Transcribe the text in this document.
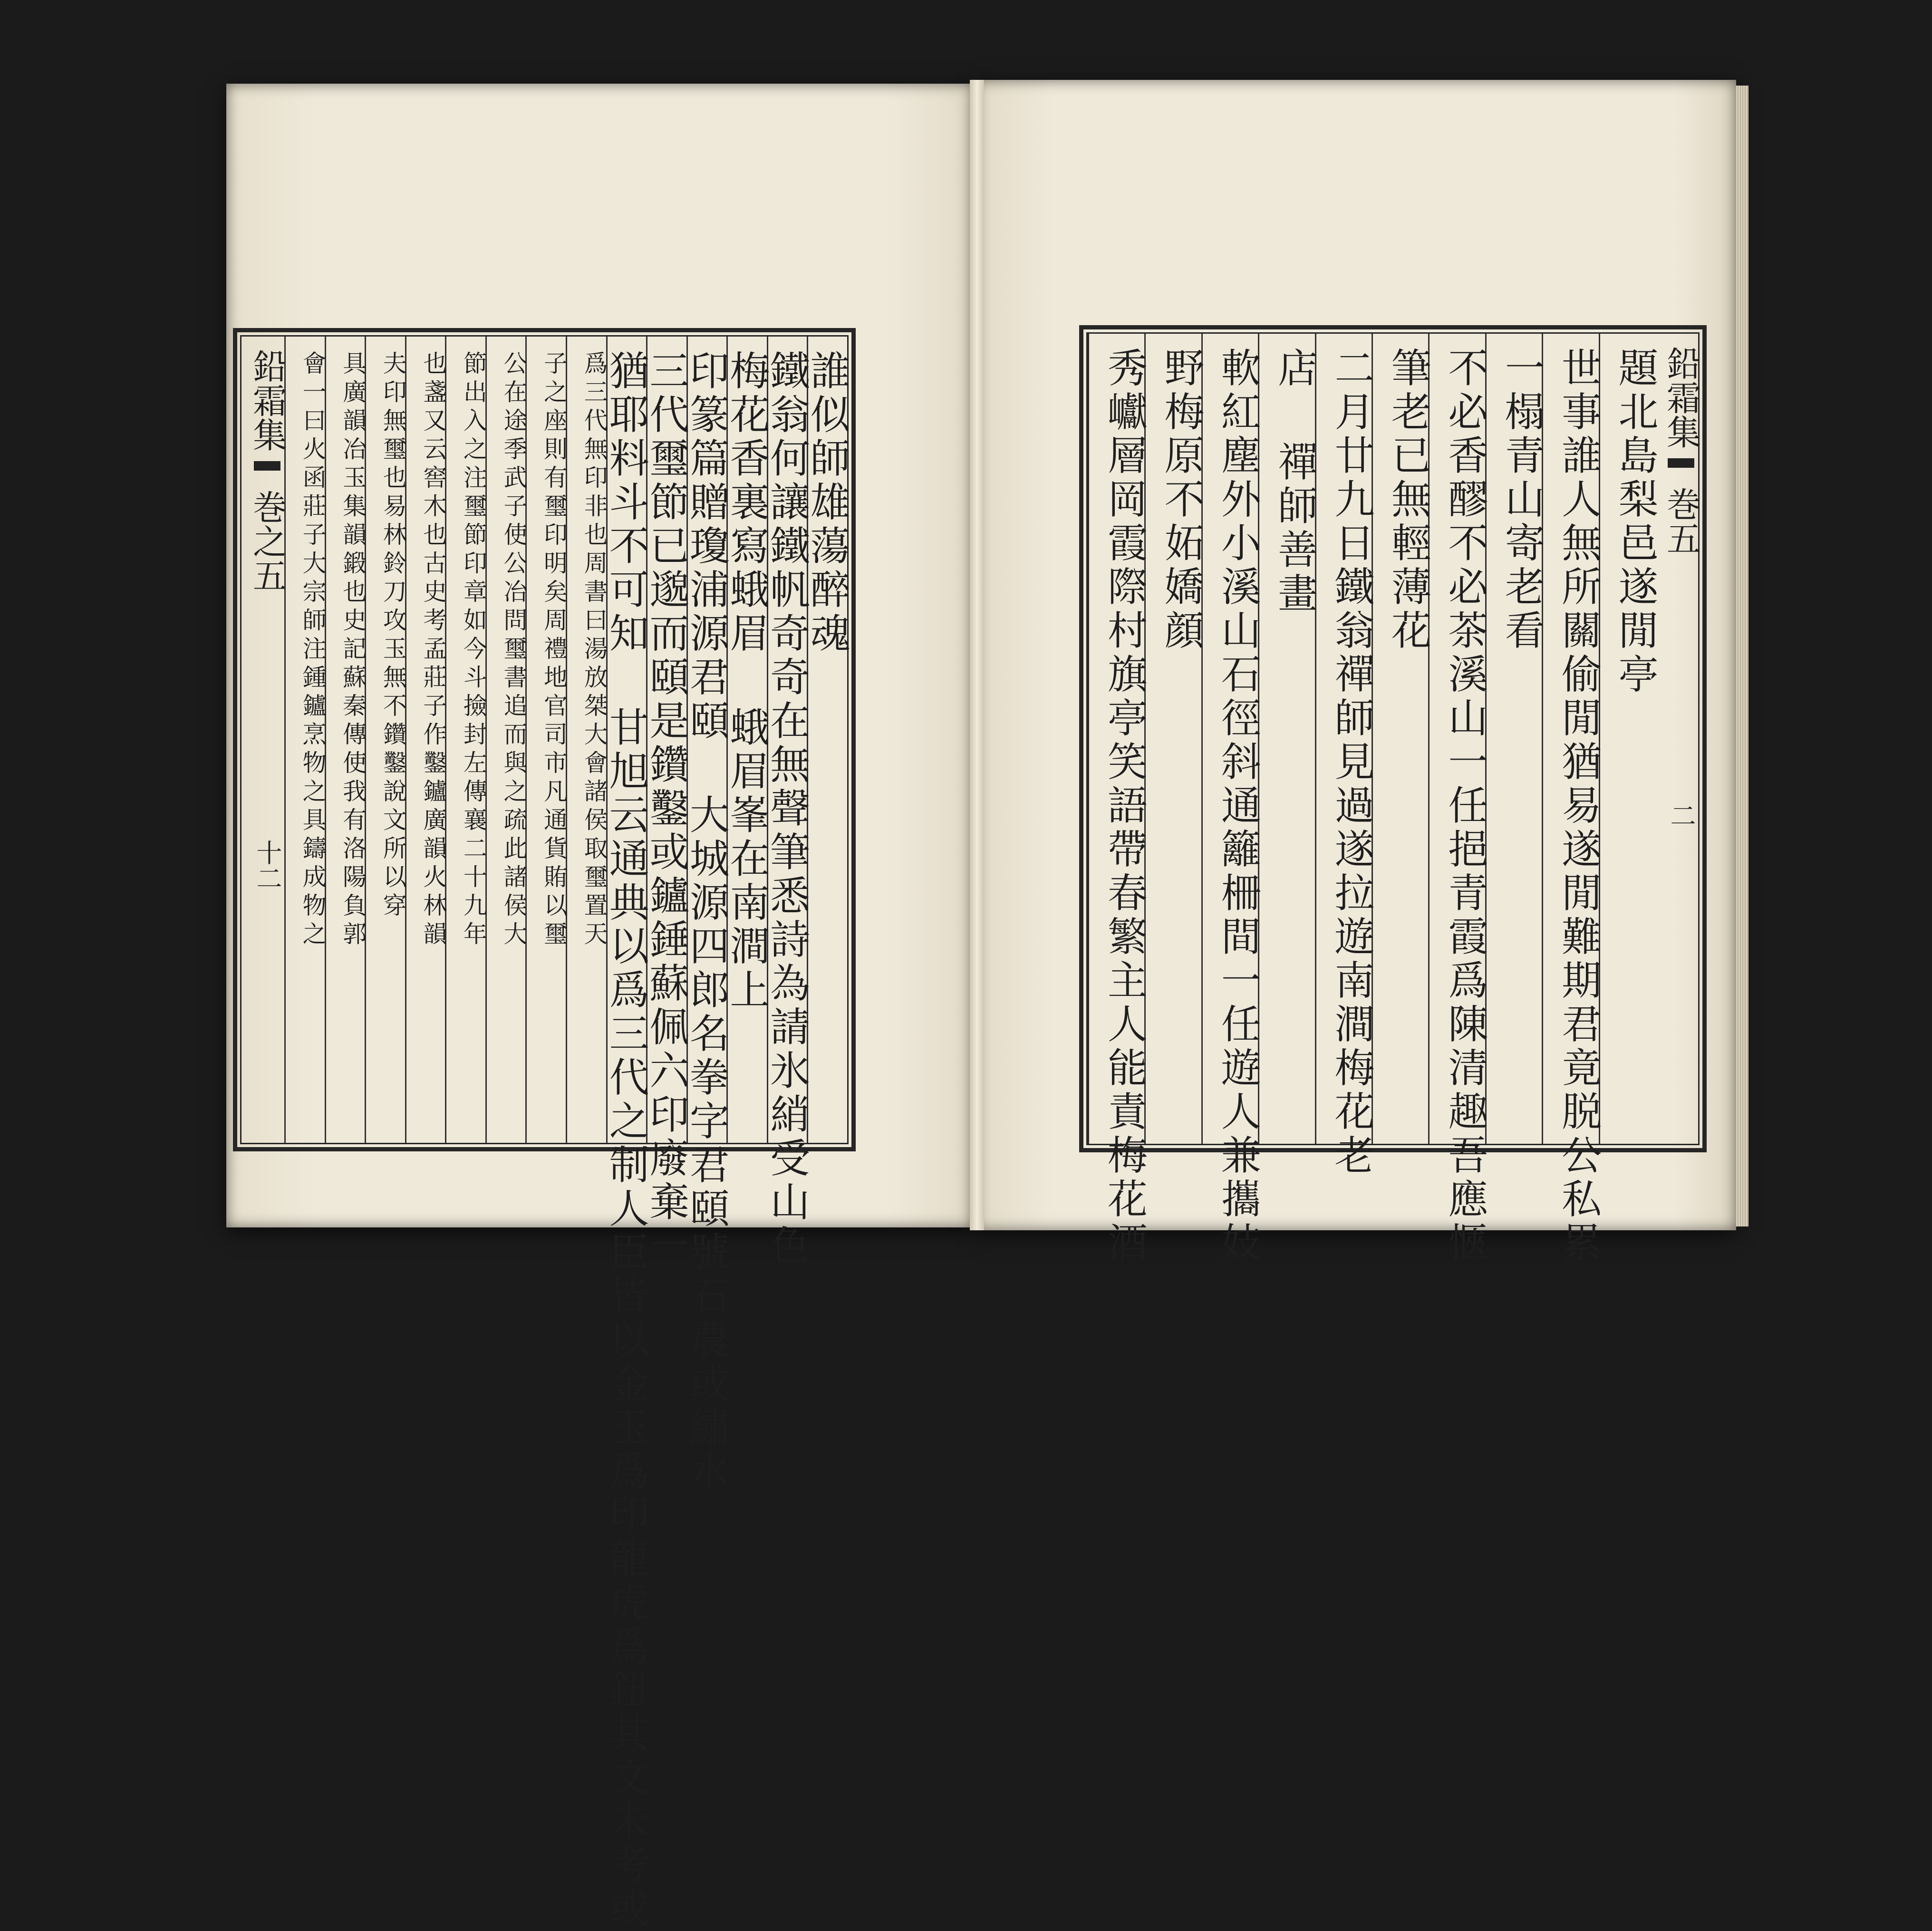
鉛霜集巻之五十二
誰似師雄蕩醉魂
鐵翁何讓鐵帆奇奇在無聲筆悉詩為請氷綃受山色
梅花香裏寫蛾眉 蛾眉峯在南澗上
印篆篇贈瓊浦源君頤 大城源四郎名拳字君頤號石農或繡水
三代璽節已邈而頤是鑽鑿或鑪錘蘇佩六印廢棄一
猶耶料斗不可知 甘旭云通典以爲三代之制人臣皆以金玉爲印龍虎爲鈕其文未考或
爲三代無印非也周書曰湯放桀大會諸侯取璽置天
子之座則有璽印明矣周禮地官司市凡通貨賄以璽
公在途季武子使公冶問璽書追而與之疏此諸侯大
節出入之注璽節印章如今斗撿封左傳襄二十九年
也盞又云窖木也古史考孟莊子作鑿鑪廣韻火林韻
夫印無璽也易林鈴刀攻玉無不鑽鑿說文所以穿
具廣韻冶玉集韻鍛也史記蘇秦傳使我有洛陽負郭
會一曰火函莊子大宗師注鍾鑪烹物之具鑄成物之	鉛霜集巻五二
題北島梨邑遂閒亭
世事誰人無所關偷閒猶易遂閒難期君竟脱公私累
一榻青山寄老看
不必香醪不必茶溪山一任挹青霞爲陳清趣吾應愜
筆老已無輕薄花
二月廿九日鐵翁禪師見過遂拉遊南澗梅花老
店 禪師善畫
軟紅塵外小溪山石徑斜通籬柵間一任遊人兼攜妓
野梅原不妬嬌顔
秀巘層岡霞際村旗亭笑語帶春繁主人能責梅花酒
